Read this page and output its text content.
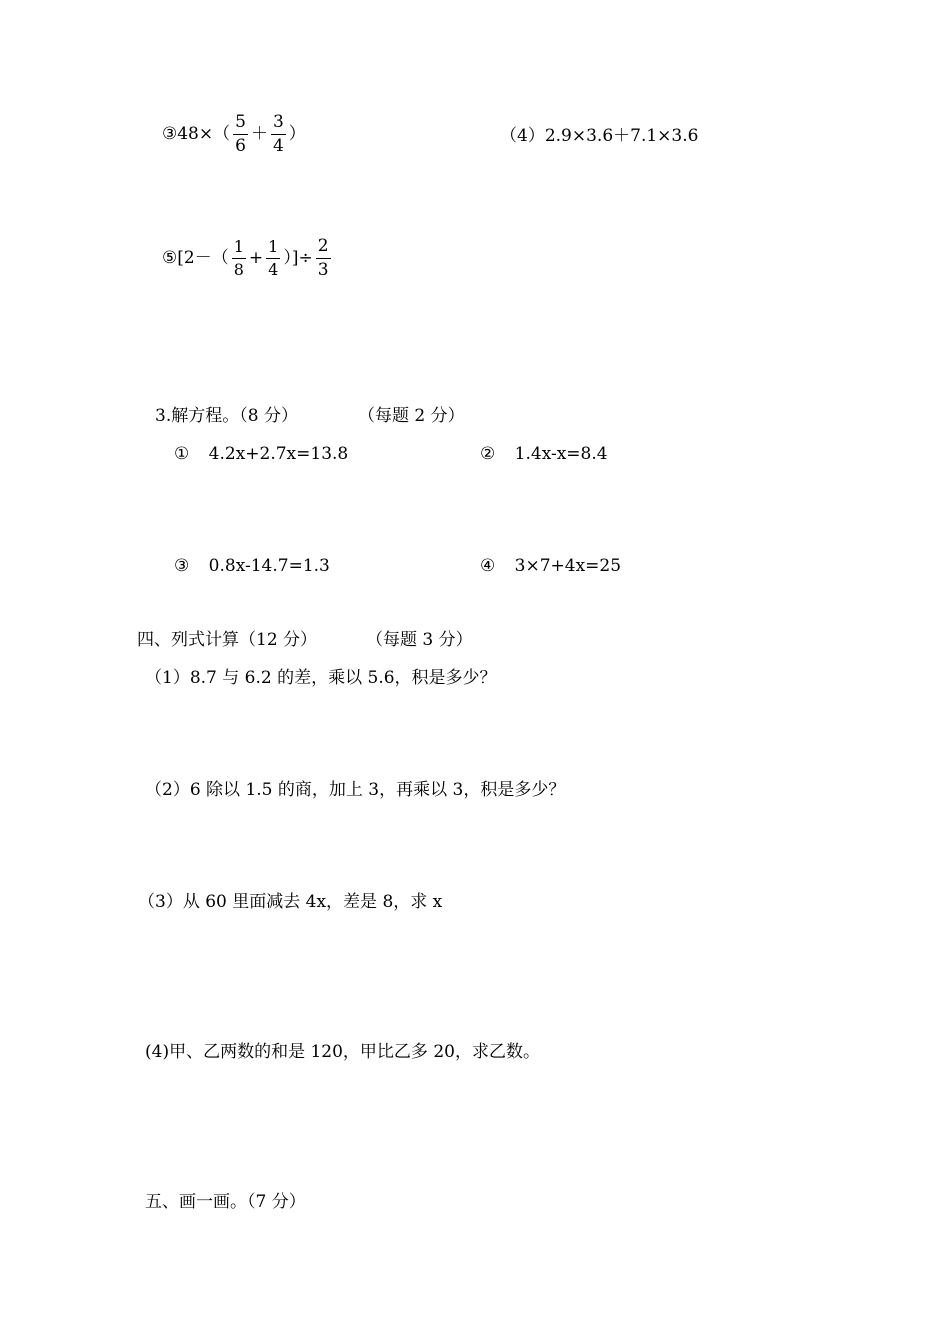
③48×（ $\frac{5}{6} + \frac{3}{4}$ ）	（4）2.9×3.6＋7.1×3.6
⑤[2－（ $\frac{1}{8} + \frac{1}{4}$ ）]÷ $\frac{2}{3}$
3.解方程。（8 分）	（每题 2 分）
① 4.2x+2.7x=13.8	② 1.4x-x=8.4
③ 0.8x-14.7=1.3	④ 3×7+4x=25
四、列式计算（12 分）	（每题 3 分）
（1）8.7 与 6.2 的差，乘以 5.6，积是多少？
（2）6 除以 1.5 的商，加上 3，再乘以 3，积是多少？
（3）从 60 里面减去 4x，差是 8，求 x
(4)甲、乙两数的和是 120，甲比乙多 20，求乙数。
五、画一画。（7 分）
